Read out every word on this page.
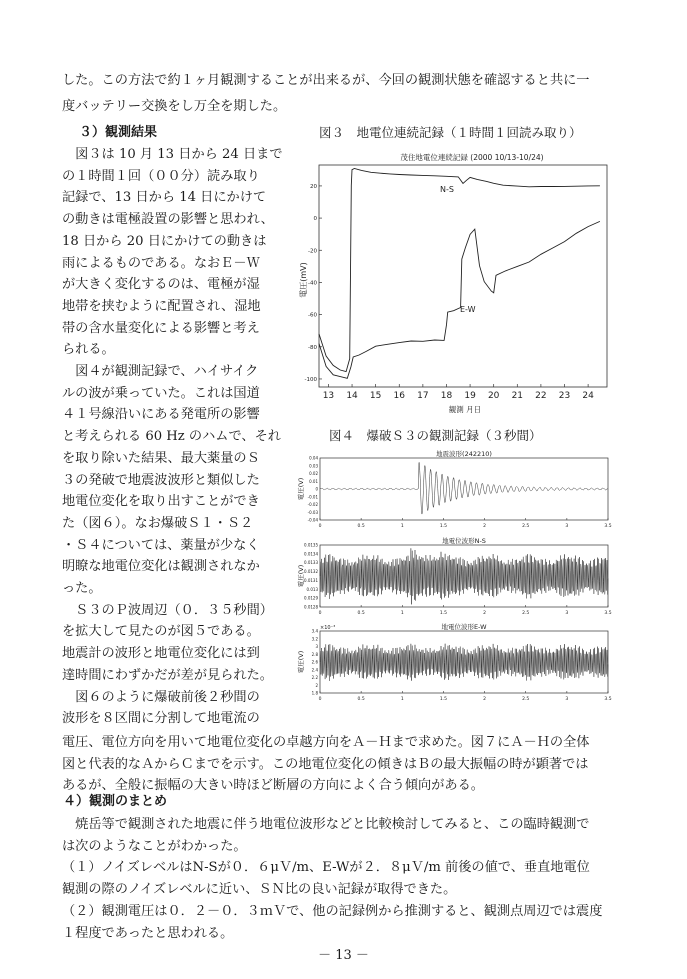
した。この方法で約１ヶ月観測することが出来るが、今回の観測状態を確認すると共に一
度バッテリー交換をし万全を期した。
３）観測結果
　図３は 10 月 13 日から 24 日まで
の１時間１回（００分）読み取り
記録で、13 日から 14 日にかけて
の動きは電極設置の影響と思われ、
18 日から 20 日にかけての動きは
雨によるものである。なおＥ－Ｗ
が大きく変化するのは、電極が湿
地帯を挟むように配置され、湿地
帯の含水量変化による影響と考え
られる。
　図４が観測記録で、ハイサイク
ルの波が乗っていた。これは国道
４１号線沿いにある発電所の影響
と考えられる 60 Hz のハムで、それ
を取り除いた結果、最大薬量のＳ
３の発破で地震波波形と類似した
地電位変化を取り出すことができ
た（図６）。なお爆破Ｓ１・Ｓ２
・Ｓ４については、薬量が少なく
明瞭な地電位変化は観測されなか
った。
　Ｓ３のＰ波周辺（０．３５秒間）
を拡大して見たのが図５である。
地震計の波形と地電位変化には到
達時間にわずかだが差が見られた。
　図６のように爆破前後２秒間の
波形を８区間に分割して地電流の
電圧、電位方向を用いて地電位変化の卓越方向をＡ－Ｈまで求めた。図７にＡ－Ｈの全体
図と代表的なＡからＣまでを示す。この地電位変化の傾きはＢの最大振幅の時が顕著では
あるが、全般に振幅の大きい時ほど断層の方向によく合う傾向がある。
４）観測のまとめ
　焼岳等で観測された地震に伴う地電位波形などと比較検討してみると、この臨時観測で
は次のようなことがわかった。
（１）ノイズレベルはN-Sが０．６μＶ/m、E-Wが２．８μＶ/m 前後の値で、垂直地電位
観測の際のノイズレベルに近い、ＳＮ比の良い記録が取得できた。
（２）観測電圧は０．２－０．３ｍＶで、他の記録例から推測すると、観測点周辺では震度
１程度であったと思われる。
－ 13 －
図３　地電位連続記録（１時間１回読み取り）
茂住地電位連続記録 (2000 10/13-10/24)
電圧(mV)
観測 月日
13 14 15 16 17 18 19 20 21 22 23 24
20
0
-20
-40
-60
-80
-100
N-S
E-W
図４　爆破Ｓ３の観測記録（３秒間）
地震波形(242210)
電圧(V)
0.04
0.03
0.02
0.01
0
-0.01
-0.02
-0.03
-0.04
0	0.5	1	1.5	2	2.5	3	3.5
地電位波形N-S
電圧(V)
0.0135
0.0134
0.0133
0.0132
0.0131
0.013
0.0129
0.0128
0	0.5	1	1.5	2	2.5	3	3.5
地電位波形E-W
電圧(V)
×10⁻³
3.4
3.2
3
2.8
2.6
2.4
2.2
2
1.8
0	0.5	1	1.5	2	2.5	3	3.5
